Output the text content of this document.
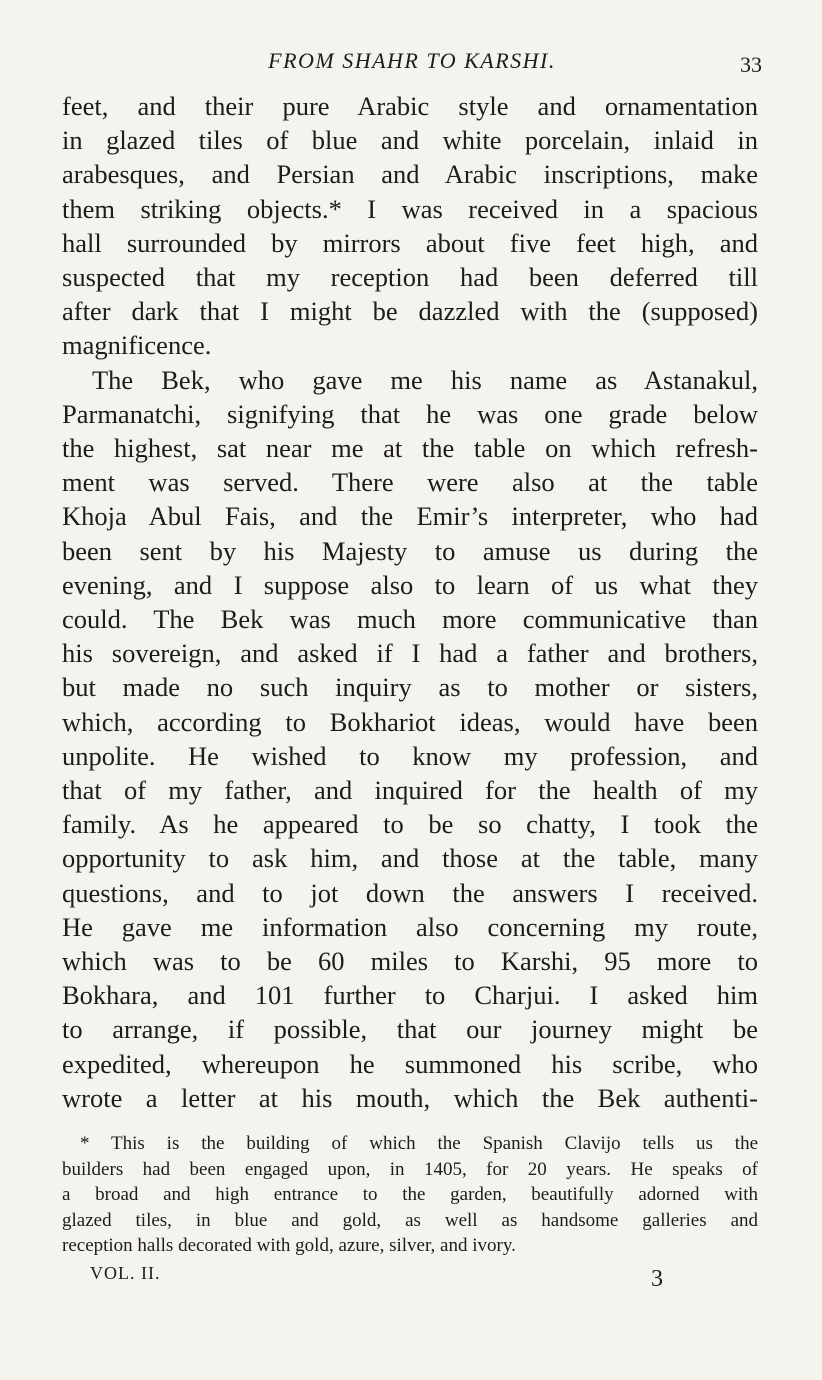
FROM SHAHR TO KARSHI.	33
feet, and their pure Arabic style and ornamentation
in glazed tiles of blue and white porcelain, inlaid in
arabesques, and Persian and Arabic inscriptions, make
them striking objects.* I was received in a spacious
hall surrounded by mirrors about five feet high, and
suspected that my reception had been deferred till
after dark that I might be dazzled with the (supposed)
magnificence.
The Bek, who gave me his name as Astanakul,
Parmanatchi, signifying that he was one grade below
the highest, sat near me at the table on which refresh-
ment was served. There were also at the table
Khoja Abul Fais, and the Emir’s interpreter, who had
been sent by his Majesty to amuse us during the
evening, and I suppose also to learn of us what they
could. The Bek was much more communicative than
his sovereign, and asked if I had a father and brothers,
but made no such inquiry as to mother or sisters,
which, according to Bokhariot ideas, would have been
unpolite. He wished to know my profession, and
that of my father, and inquired for the health of my
family. As he appeared to be so chatty, I took the
opportunity to ask him, and those at the table, many
questions, and to jot down the answers I received.
He gave me information also concerning my route,
which was to be 60 miles to Karshi, 95 more to
Bokhara, and 101 further to Charjui. I asked him
to arrange, if possible, that our journey might be
expedited, whereupon he summoned his scribe, who
wrote a letter at his mouth, which the Bek authenti-
* This is the building of which the Spanish Clavijo tells us the
builders had been engaged upon, in 1405, for 20 years. He speaks of
a broad and high entrance to the garden, beautifully adorned with
glazed tiles, in blue and gold, as well as handsome galleries and
reception halls decorated with gold, azure, silver, and ivory.
VOL. II.	3
